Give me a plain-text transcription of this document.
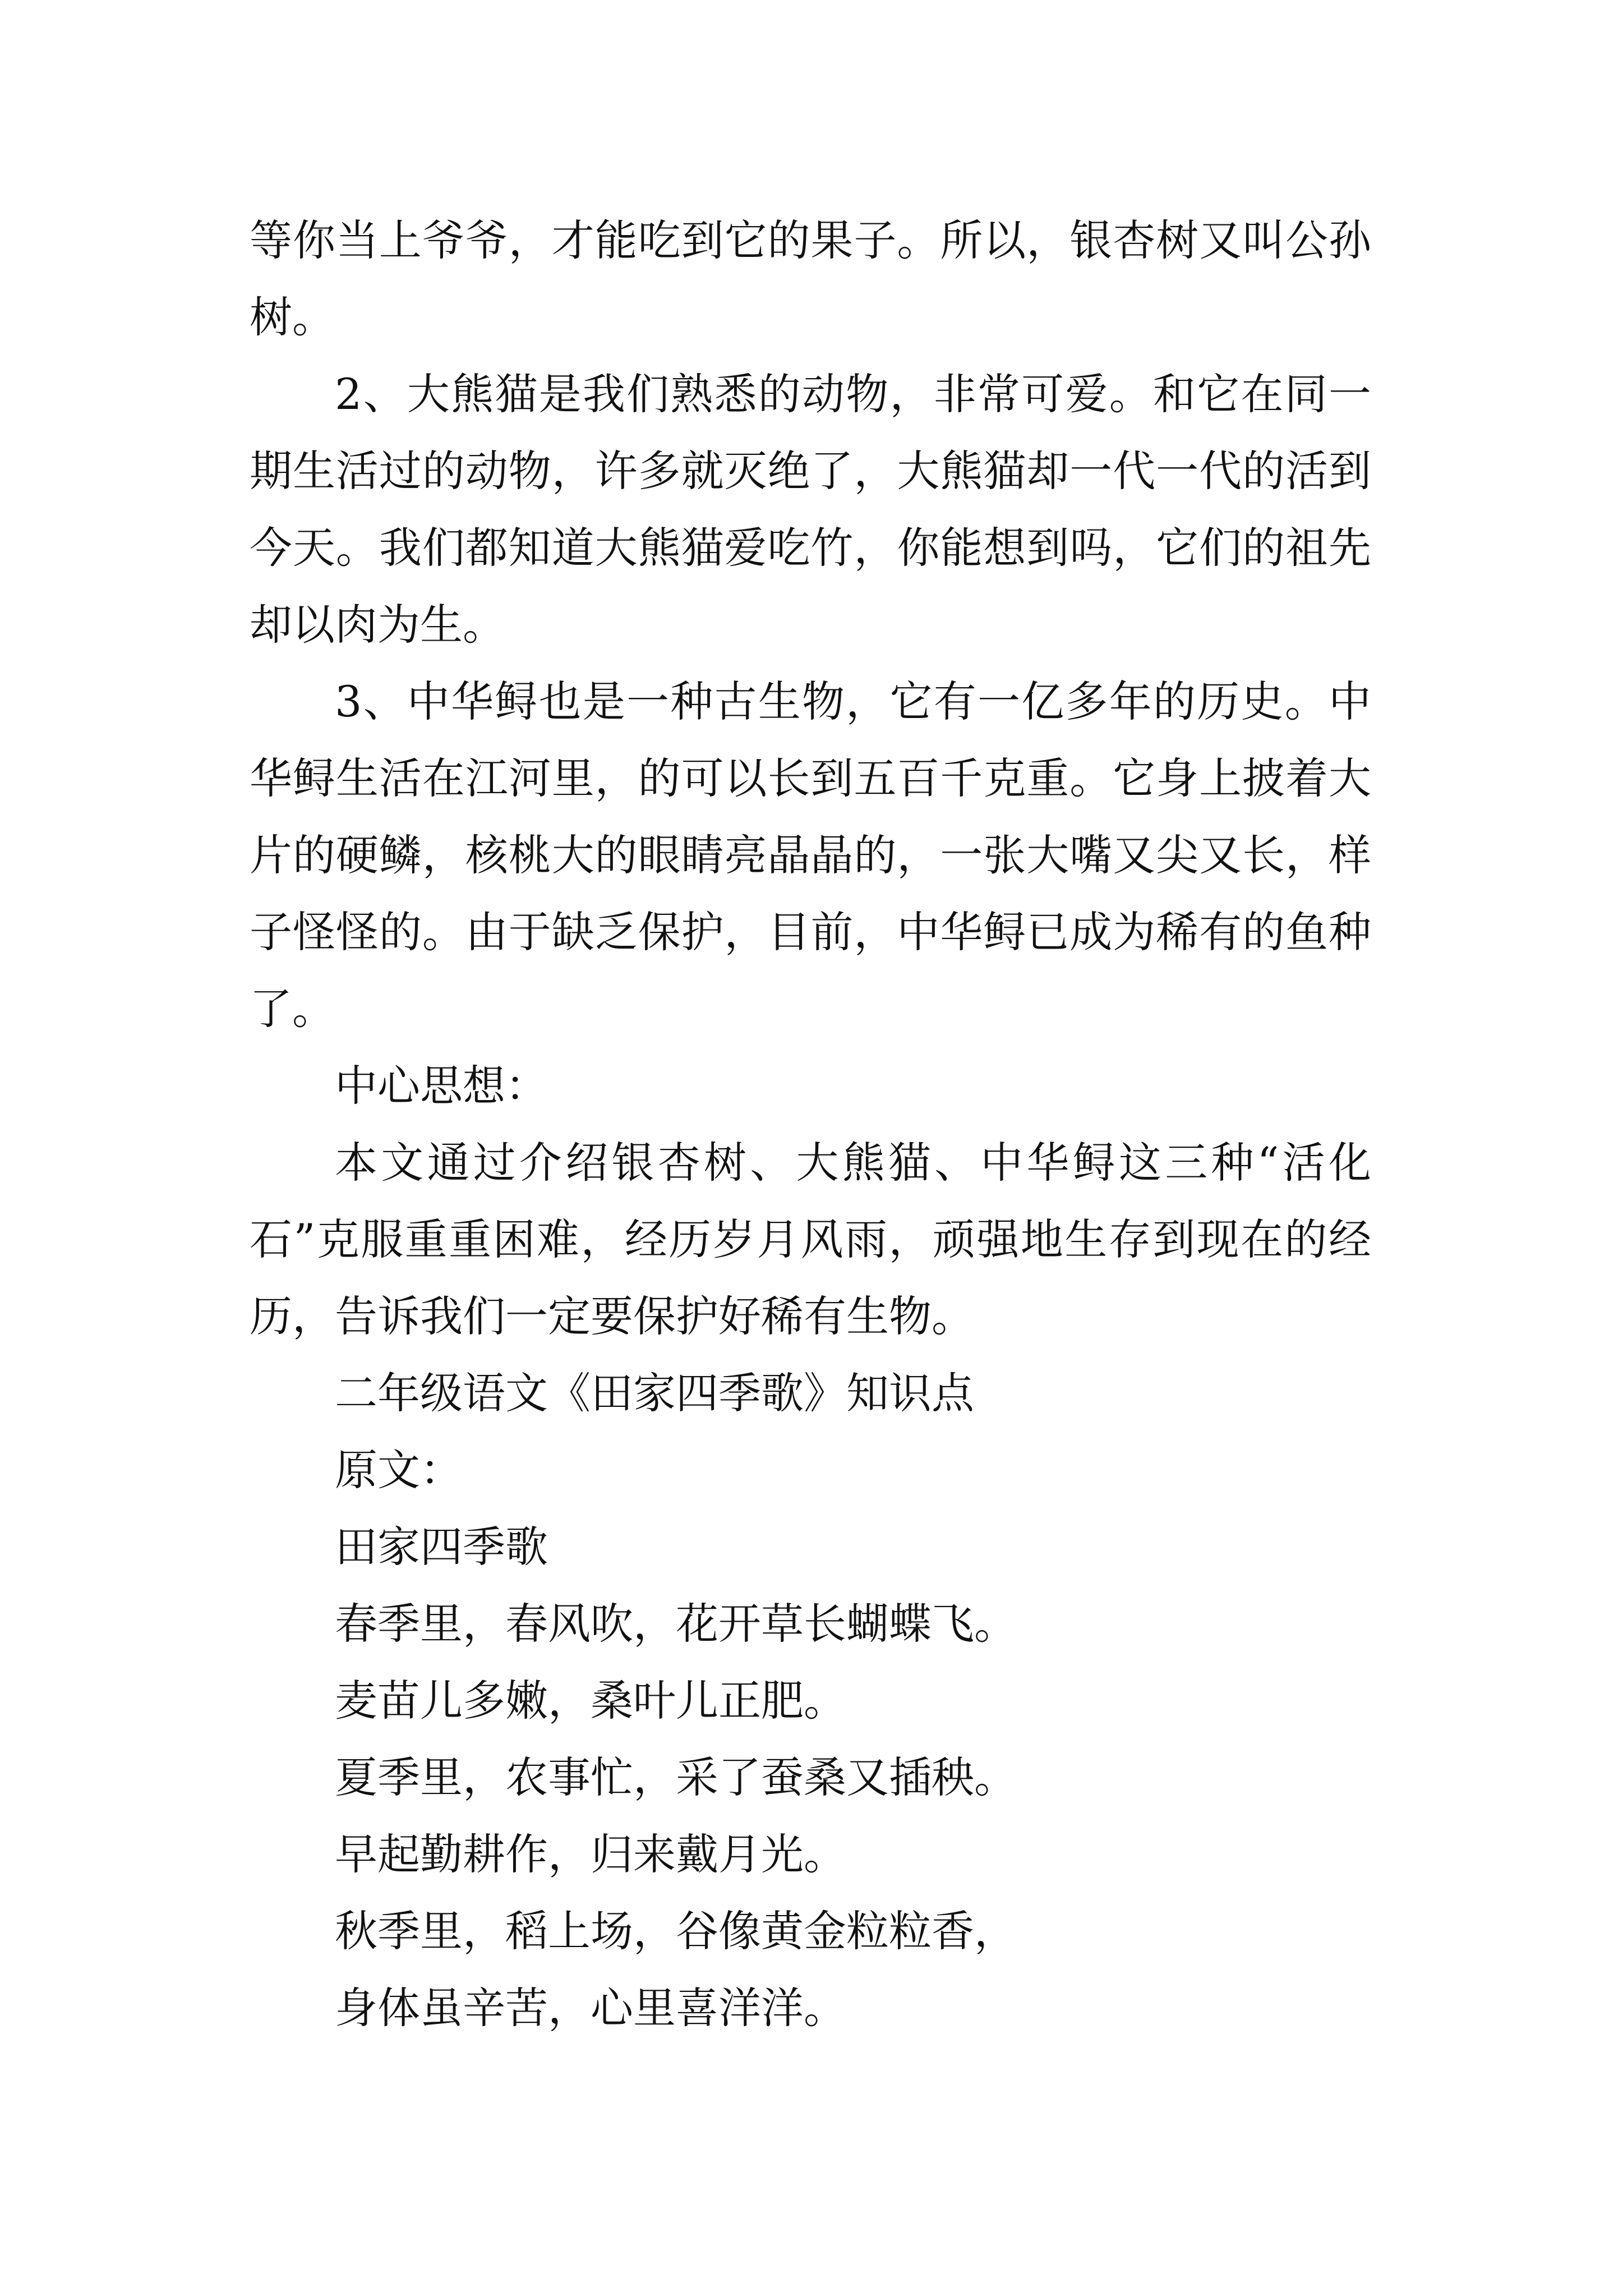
等你当上爷爷，才能吃到它的果子。所以，银杏树又叫公孙树。

2、大熊猫是我们熟悉的动物，非常可爱。和它在同一期生活过的动物，许多就灭绝了，大熊猫却一代一代的活到今天。我们都知道大熊猫爱吃竹，你能想到吗，它们的祖先却以肉为生。

3、中华鲟也是一种古生物，它有一亿多年的历史。中华鲟生活在江河里，的可以长到五百千克重。它身上披着大片的硬鳞，核桃大的眼睛亮晶晶的，一张大嘴又尖又长，样子怪怪的。由于缺乏保护，目前，中华鲟已成为稀有的鱼种了。

中心思想：

本文通过介绍银杏树、大熊猫、中华鲟这三种“活化石”克服重重困难，经历岁月风雨，顽强地生存到现在的经历，告诉我们一定要保护好稀有生物。

二年级语文《田家四季歌》知识点

原文：

田家四季歌

春季里，春风吹，花开草长蝴蝶飞。

麦苗儿多嫩，桑叶儿正肥。

夏季里，农事忙，采了蚕桑又插秧。

早起勤耕作，归来戴月光。

秋季里，稻上场，谷像黄金粒粒香，

身体虽辛苦，心里喜洋洋。
